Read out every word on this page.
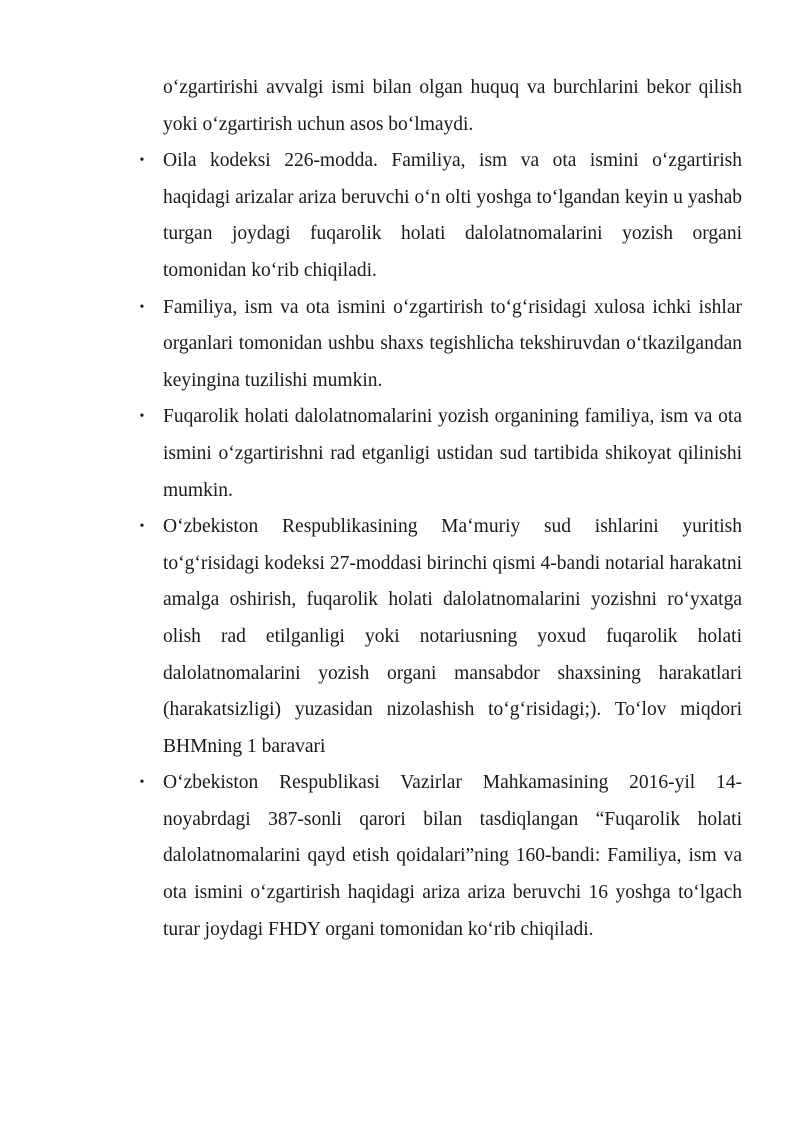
o‘zgartirishi avvalgi ismi bilan olgan huquq va burchlarini bekor qilish yoki o‘zgartirish uchun asos bo‘lmaydi.

• Oila kodeksi 226-modda. Familiya, ism va ota ismini o‘zgartirish haqidagi arizalar ariza beruvchi o‘n olti yoshga to‘lgandan keyin u yashab turgan joydagi fuqarolik holati dalolatnomalarini yozish organi tomonidan ko‘rib chiqiladi.
• Familiya, ism va ota ismini o‘zgartirish to‘g‘risidagi xulosa ichki ishlar organlari tomonidan ushbu shaxs tegishlicha tekshiruvdan o‘tkazilgandan keyingina tuzilishi mumkin.
• Fuqarolik holati dalolatnomalarini yozish organining familiya, ism va ota ismini o‘zgartirishni rad etganligi ustidan sud tartibida shikoyat qilinishi mumkin.
• O‘zbekiston Respublikasining Ma‘muriy sud ishlarini yuritish to‘g‘risidagi kodeksi 27-moddasi birinchi qismi 4-bandi notarial harakatni amalga oshirish, fuqarolik holati dalolatnomalarini yozishni ro‘yxatga olish rad etilganligi yoki notariusning yoxud fuqarolik holati dalolatnomalarini yozish organi mansabdor shaxsining harakatlari (harakatsizligi) yuzasidan nizolashish to‘g‘risidagi;). To‘lov miqdori BHMning 1 baravari
• O‘zbekiston Respublikasi Vazirlar Mahkamasining 2016-yil 14-noyabrdagi 387-sonli qarori bilan tasdiqlangan “Fuqarolik holati dalolatnomalarini qayd etish qoidalari”ning 160-bandi: Familiya, ism va ota ismini o‘zgartirish haqidagi ariza ariza beruvchi 16 yoshga to‘lgach turar joydagi FHDY organi tomonidan ko‘rib chiqiladi.
